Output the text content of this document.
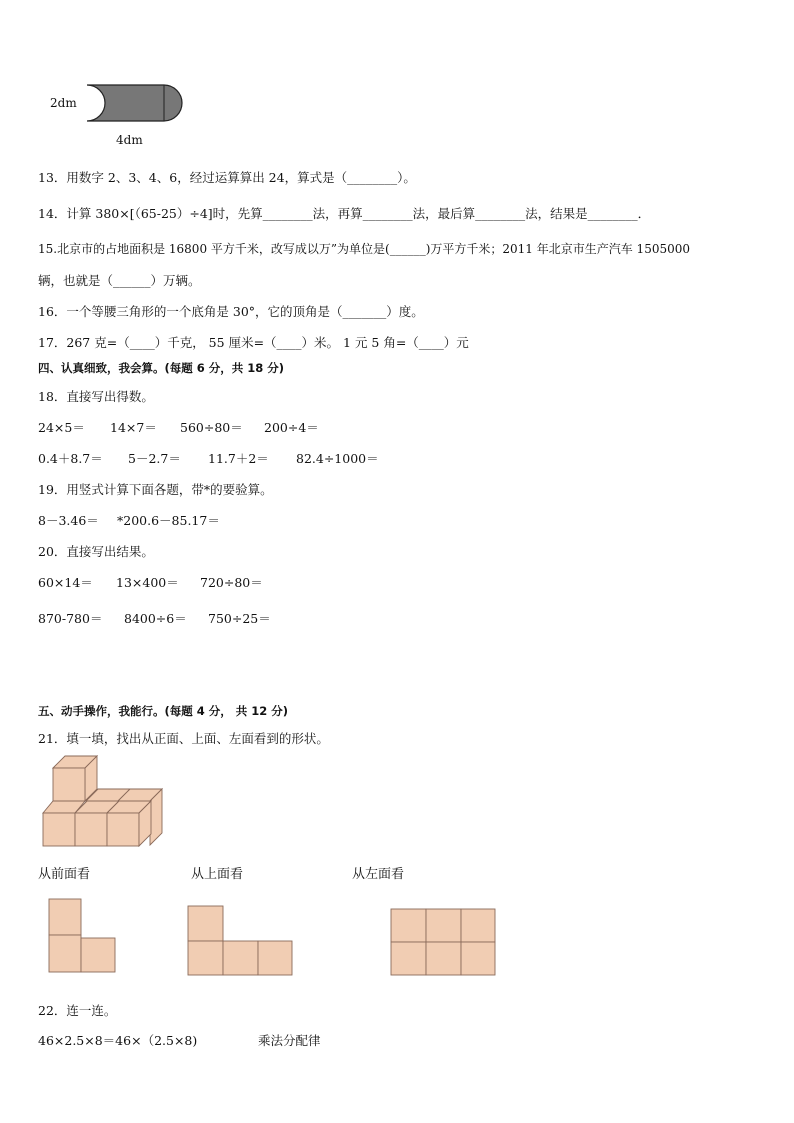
2dm
4dm
13．用数字 2、3、4、6，经过运算算出 24，算式是（________）。
14．计算 380×[（65-25）÷4]时，先算________法，再算________法，最后算________法，结果是________．
15.北京市的占地面积是 16800 平方千米，改写成以万”为单位是(______)万平方千米；2011 年北京市生产汽车 1505000
辆，也就是（______）万辆。
16．一个等腰三角形的一个底角是 30°，它的顶角是（_______）度。
17．267 克=（____）千克， 55 厘米=（____）米。 1 元 5 角=（____）元
四、认真细致，我会算。(每题 6 分，共 18 分)
18．直接写出得数。
24×5＝ 14×7＝ 560÷80＝ 200÷4＝
0.4＋8.7＝ 5－2.7＝ 11.7＋2＝ 82.4÷1000＝
19．用竖式计算下面各题，带*的要验算。
8－3.46＝ *200.6－85.17＝
20．直接写出结果。
60×14＝ 13×400＝ 720÷80＝
870-780＝ 8400÷6＝ 750÷25＝
五、动手操作，我能行。(每题 4 分， 共 12 分)
21．填一填，找出从正面、上面、左面看到的形状。
从前面看	从上面看	从左面看
22．连一连。
46×2.5×8＝46×（2.5×8)	乘法分配律
